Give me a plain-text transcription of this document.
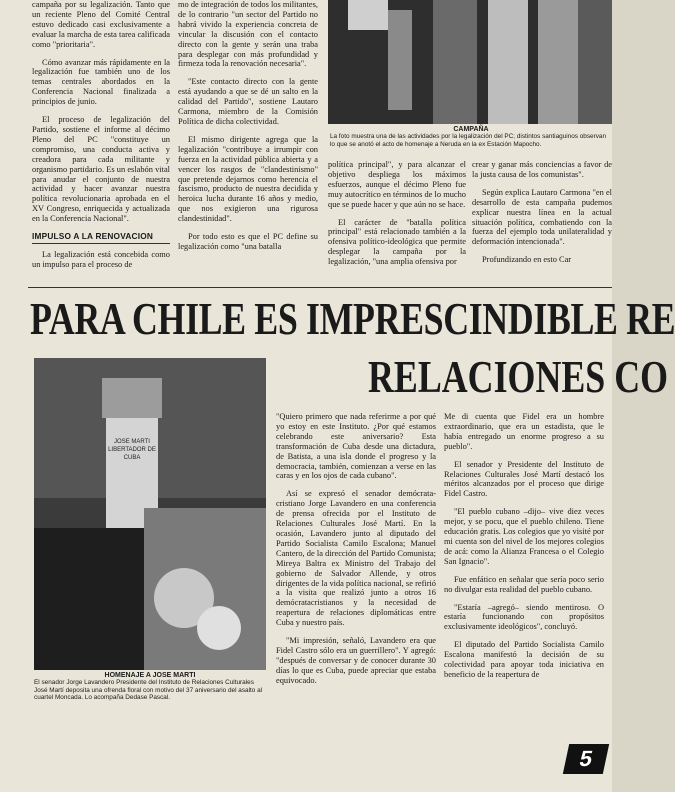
campaña por su legalización. Tanto que un reciente Pleno del Comité Central estuvo dedicado casi exclusivamente a evaluar la marcha de esta tarea calificada como "prioritaria".

Cómo avanzar más rápidamente en la legalización fue también uno de los temas centrales abordados en la Conferencia Nacional finalizada a principios de junio.

El proceso de legalización del Partido, sostiene el informe al décimo Pleno del PC "constituye un compromiso, una conducta activa y creadora para cada militante y organismo partidario. Es un eslabón vital para anudar el conjunto de nuestra actividad y hacer avanzar nuestra política revolucionaria aprobada en el XV Congreso, enriquecida y actualizada en la Conferencia Nacional".

IMPULSO A LA RENOVACION

La legalización está concebida como un impulso para el proceso de

mo de integración de todos los militantes, de lo contrario "un sector del Partido no habrá vivido la experiencia concreta de vincular la discusión con el contacto directo con la gente y serán una traba para desplegar con más profundidad y firmeza toda la renovación necesaria".

"Este contacto directo con la gente está ayudando a que se dé un salto en la calidad del Partido", sostiene Lautaro Carmona, miembro de la Comisión Política de dicha colectividad.

El mismo dirigente agrega que la legalización "contribuye a irrumpir con fuerza en la actividad pública abierta y a vencer los rasgos de "clandestinismo" que pretende dejarnos como herencia el fascismo, producto de nuestra decidida y heroica lucha durante 16 años y medio, que nos exigieron una rigurosa clandestinidad".

Por todo esto es que el PC define su legalización como "una batalla

CAMPAÑA
La foto muestra una de las actividades por la legalización del PC; distintos santiaguinos observan lo que se anotó el acto de homenaje a Neruda en la ex Estación Mapocho.

política principal", y para alcanzar el objetivo despliega los máximos esfuerzos, aunque el décimo Pleno fue muy autocrítico en términos de lo mucho que se puede hacer y que aún no se hace.

El carácter de "batalla política principal" está relacionado también a la ofensiva político-ideológica que permite desplegar la campaña por la legalización, "una amplia ofensiva por

crear y ganar más conciencias a favor de la justa causa de los comunistas".

Según explica Lautaro Carmona "en el desarrollo de esta campaña pudemos explicar nuestra línea en la actual situación política, combatiendo con la fuerza del ejemplo toda unilateralidad y deformación intencionada".

Profundizando en esto Car

PARA CHILE ES IMPRESCINDIBLE RE
RELACIONES CO
JOSE MARTI LIBERTADOR DE CUBA
HOMENAJE A JOSE MARTI
El senador Jorge Lavandero Presidente del Instituto de Relaciones Culturales José Martí deposita una ofrenda floral con motivo del 37 aniversario del asalto al cuartel Moncada. Lo acompaña Dedase Pascal.

"Quiero primero que nada referirme a por qué yo estoy en este Instituto. ¿Por qué estamos celebrando este aniversario? Esta transformación de Cuba desde una dictadura, de Batista, a una isla donde el progreso y la democracia, también, comienzan a verse en las caras y en los ojos de cada cubano".

Así se expresó el senador demócrata-cristiano Jorge Lavandero en una conferencia de prensa ofrecida por el Instituto de Relaciones Culturales José Martí. En la ocasión, Lavandero junto al diputado del Partido Socialista Camilo Escalona; Manuel Cantero, de la dirección del Partido Comunista; Mireya Baltra ex Ministro del Trabajo del gobierno de Salvador Allende, y otros dirigentes de la vida política nacional, se refirió a la visita que realizó junto a otros 16 demócratacristianos y la necesidad de reapertura de relaciones diplomáticas entre Cuba y nuestro país.

"Mi impresión, señaló, Lavandero era que Fidel Castro sólo era un guerrillero". Y agregó: "después de conversar y de conocer durante 30 días lo que es Cuba, puede apreciar que estaba equivocado.

Me di cuenta que Fidel era un hombre extraordinario, que era un estadista, que le había entregado un enorme progreso a su pueblo".

El senador y Presidente del Instituto de Relaciones Culturales José Martí destacó los méritos alcanzados por el proceso que dirige Fidel Castro.

"El pueblo cubano –dijo– vive diez veces mejor, y se pocu, que el pueblo chileno. Tiene educación gratis. Los colegios que yo visité por mi cuenta son del nivel de los mejores colegios de acá: como la Alianza Francesa o el Colegio San Ignacio".

Fue enfático en señalar que sería poco serio no divulgar esta realidad del pueblo cubano.

"Estaría –agregó– siendo mentiroso. O estaría funcionando con propósitos exclusivamente ideológicos", concluyó.

El diputado del Partido Socialista Camilo Escalona manifestó la decisión de su colectividad para apoyar toda iniciativa en beneficio de la reapertura de

5
